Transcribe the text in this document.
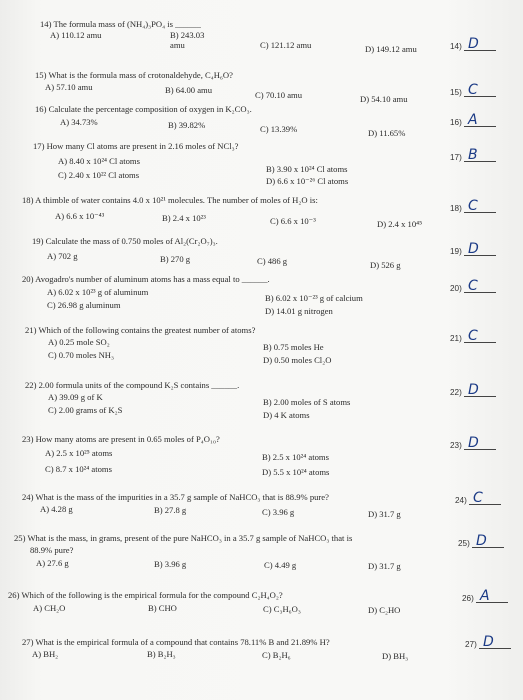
14) The formula mass of (NH₄)₃PO₄ is ______
A) 110.12 amu	B) 243.03 amu	C) 121.12 amu	D) 149.12 amu	14) D
15) What is the formula mass of crotonaldehyde, C₄H₆O?
A) 57.10 amu	B) 64.00 amu	C) 70.10 amu	D) 54.10 amu
15) C
16) Calculate the percentage composition of oxygen in K₂CO₃.
A) 34.73%	B) 39.82%	C) 13.39%	D) 11.65%
16) A
17) How many Cl atoms are present in 2.16 moles of NCl₃?
A) 8.40 x 10²⁴ Cl atoms
B) 3.90 x 10²⁴ Cl atoms
C) 2.40 x 10²² Cl atoms
D) 6.6 x 10⁻²⁶ Cl atoms
17) B
18) A thimble of water contains 4.0 x 10²¹ molecules. The number of moles of H₂O is:
A) 6.6 x 10⁻⁴³	B) 2.4 x 10²³	C) 6.6 x 10⁻³	D) 2.4 x 10⁴⁵
18) C
19) Calculate the mass of 0.750 moles of Al₂(Cr₂O₇)₃.
A) 702 g	B) 270 g	C) 486 g	D) 526 g
19) D
20) Avogadro's number of aluminum atoms has a mass equal to ______.
A) 6.02 x 10²³ g of aluminum
B) 6.02 x 10⁻²³ g of calcium
C) 26.98 g aluminum
D) 14.01 g nitrogen
20) C
21) Which of the following contains the greatest number of atoms?
A) 0.25 mole SO₂	B) 0.75 moles He
C) 0.70 moles NH₃	D) 0.50 moles Cl₂O
21) C
22) 2.00 formula units of the compound K₂S contains ______.
A) 39.09 g of K	B) 2.00 moles of S atoms
C) 2.00 grams of K₂S	D) 4 K atoms
22) D
23) How many atoms are present in 0.65 moles of P₄O₁₀?
A) 2.5 x 10²⁵ atoms	B) 2.5 x 10²⁴ atoms
C) 8.7 x 10²⁴ atoms	D) 5.5 x 10²⁴ atoms
23) D
24) What is the mass of the impurities in a 35.7 g sample of NaHCO₃ that is 88.9% pure?
A) 4.28 g	B) 27.8 g	C) 3.96 g	D) 31.7 g
24) C
25) What is the mass, in grams, present of the pure NaHCO₃ in a 35.7 g sample of NaHCO₃ that is
88.9% pure?
A) 27.6 g	B) 3.96 g	C) 4.49 g	D) 31.7 g
25) D
26) Which of the following is the empirical formula for the compound C₂H₄O₂?
A) CH₂O	B) CHO	C) C₃H₆O₃	D) C₂HO
26) A
27) What is the empirical formula of a compound that contains 78.11% B and 21.89% H?
A) BH₂	B) B₂H₃	C) B₂H₆	D) BH₃
27) D
